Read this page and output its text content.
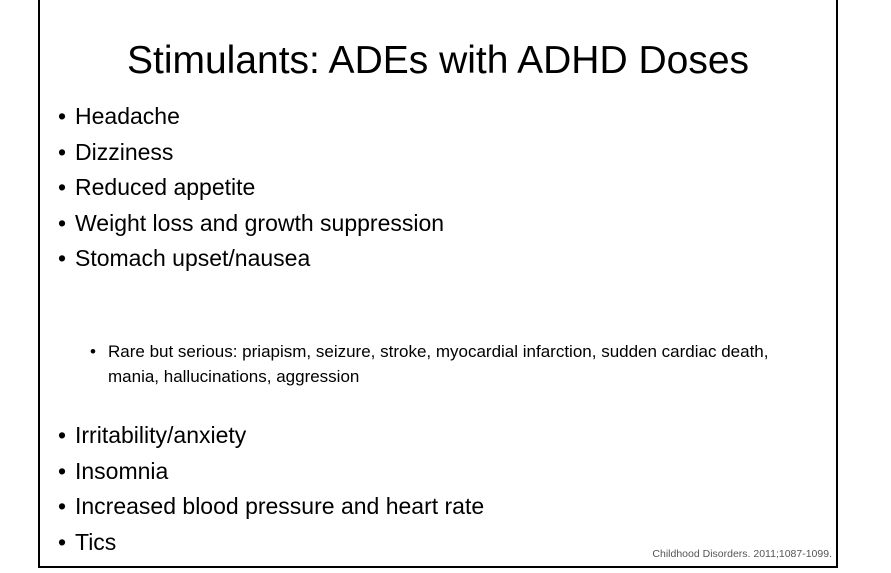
Stimulants: ADEs with ADHD Doses
• Headache
• Dizziness
• Reduced appetite
• Weight loss and growth suppression
• Stomach upset/nausea
• Rare but serious: priapism, seizure, stroke, myocardial infarction, sudden cardiac death, mania, hallucinations, aggression
• Irritability/anxiety
• Insomnia
• Increased blood pressure and heart rate
• Tics	Childhood Disorders. 2011;1087-1099.
